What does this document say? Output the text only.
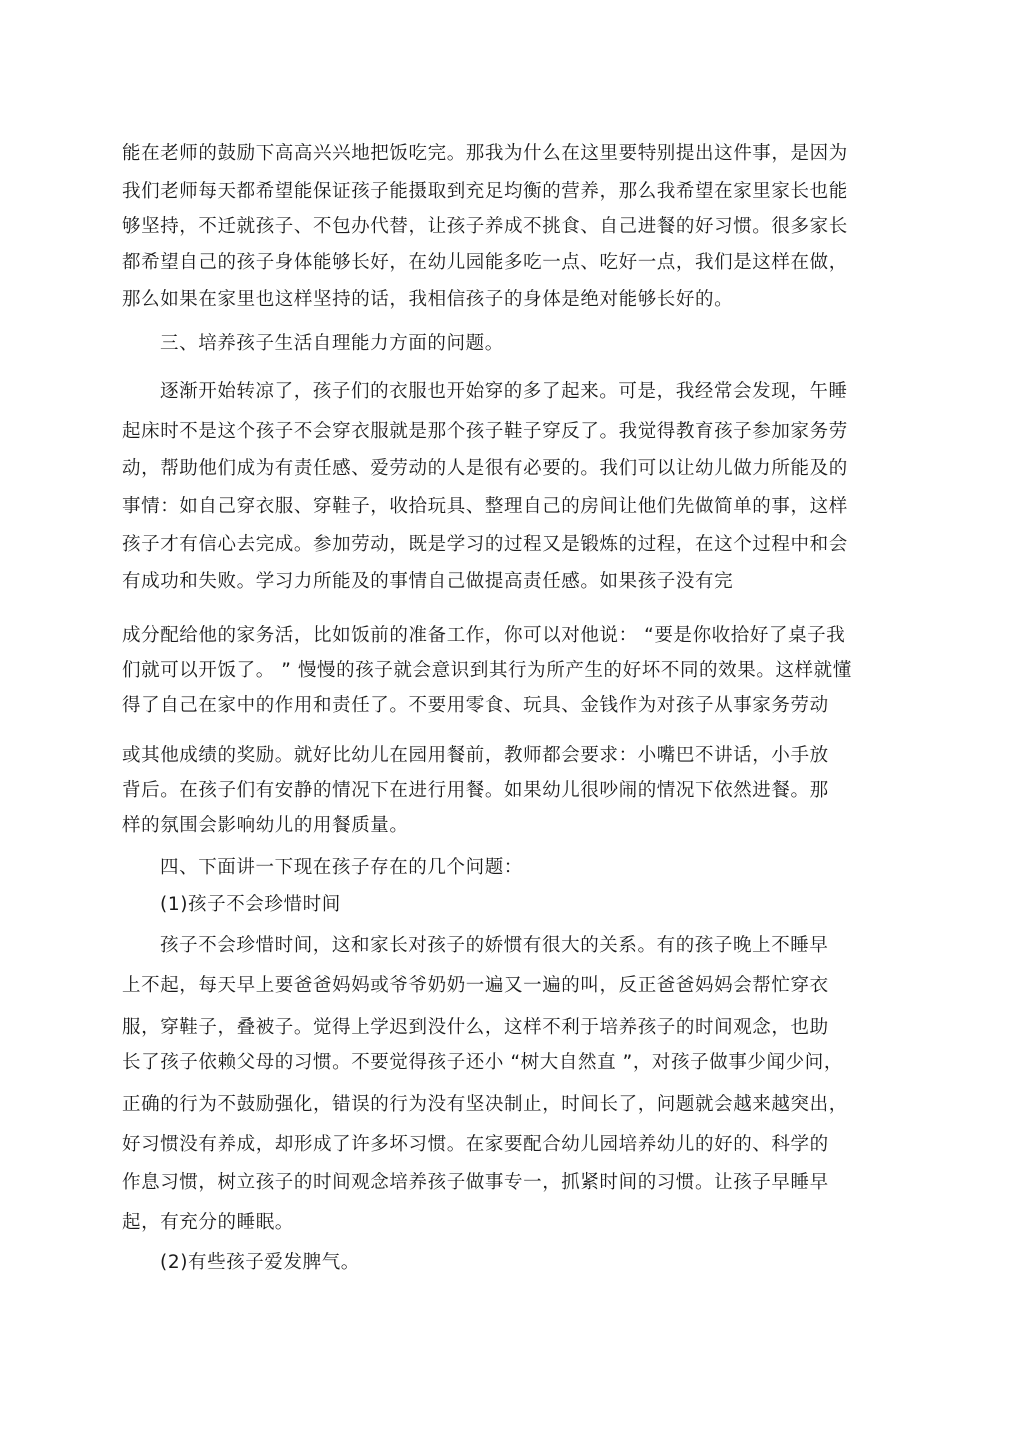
能在老师的鼓励下高高兴兴地把饭吃完。那我为什么在这里要特别提出这件事，是因为
我们老师每天都希望能保证孩子能摄取到充足均衡的营养，那么我希望在家里家长也能
够坚持，不迁就孩子、不包办代替，让孩子养成不挑食、自己进餐的好习惯。很多家长
都希望自己的孩子身体能够长好，在幼儿园能多吃一点、吃好一点，我们是这样在做，
那么如果在家里也这样坚持的话，我相信孩子的身体是绝对能够长好的。
三、培养孩子生活自理能力方面的问题。
逐渐开始转凉了，孩子们的衣服也开始穿的多了起来。可是，我经常会发现，午睡
起床时不是这个孩子不会穿衣服就是那个孩子鞋子穿反了。我觉得教育孩子参加家务劳
动，帮助他们成为有责任感、爱劳动的人是很有必要的。我们可以让幼儿做力所能及的
事情：如自己穿衣服、穿鞋子，收拾玩具、整理自己的房间让他们先做简单的事，这样
孩子才有信心去完成。参加劳动，既是学习的过程又是锻炼的过程，在这个过程中和会
有成功和失败。学习力所能及的事情自己做提高责任感。如果孩子没有完
成分配给他的家务活，比如饭前的准备工作，你可以对他说： “要是你收拾好了桌子我
们就可以开饭了。 ” 慢慢的孩子就会意识到其行为所产生的好坏不同的效果。这样就懂
得了自己在家中的作用和责任了。不要用零食、玩具、金钱作为对孩子从事家务劳动
或其他成绩的奖励。就好比幼儿在园用餐前，教师都会要求：小嘴巴不讲话，小手放
背后。在孩子们有安静的情况下在进行用餐。如果幼儿很吵闹的情况下依然进餐。那
样的氛围会影响幼儿的用餐质量。
四、下面讲一下现在孩子存在的几个问题：
(1)孩子不会珍惜时间
孩子不会珍惜时间，这和家长对孩子的娇惯有很大的关系。有的孩子晚上不睡早
上不起，每天早上要爸爸妈妈或爷爷奶奶一遍又一遍的叫，反正爸爸妈妈会帮忙穿衣
服，穿鞋子，叠被子。觉得上学迟到没什么，这样不利于培养孩子的时间观念，也助
长了孩子依赖父母的习惯。不要觉得孩子还小 “树大自然直 ”，对孩子做事少闻少问，
正确的行为不鼓励强化，错误的行为没有坚决制止，时间长了，问题就会越来越突出，
好习惯没有养成，却形成了许多坏习惯。在家要配合幼儿园培养幼儿的好的、科学的
作息习惯，树立孩子的时间观念培养孩子做事专一，抓紧时间的习惯。让孩子早睡早
起，有充分的睡眠。
(2)有些孩子爱发脾气。
